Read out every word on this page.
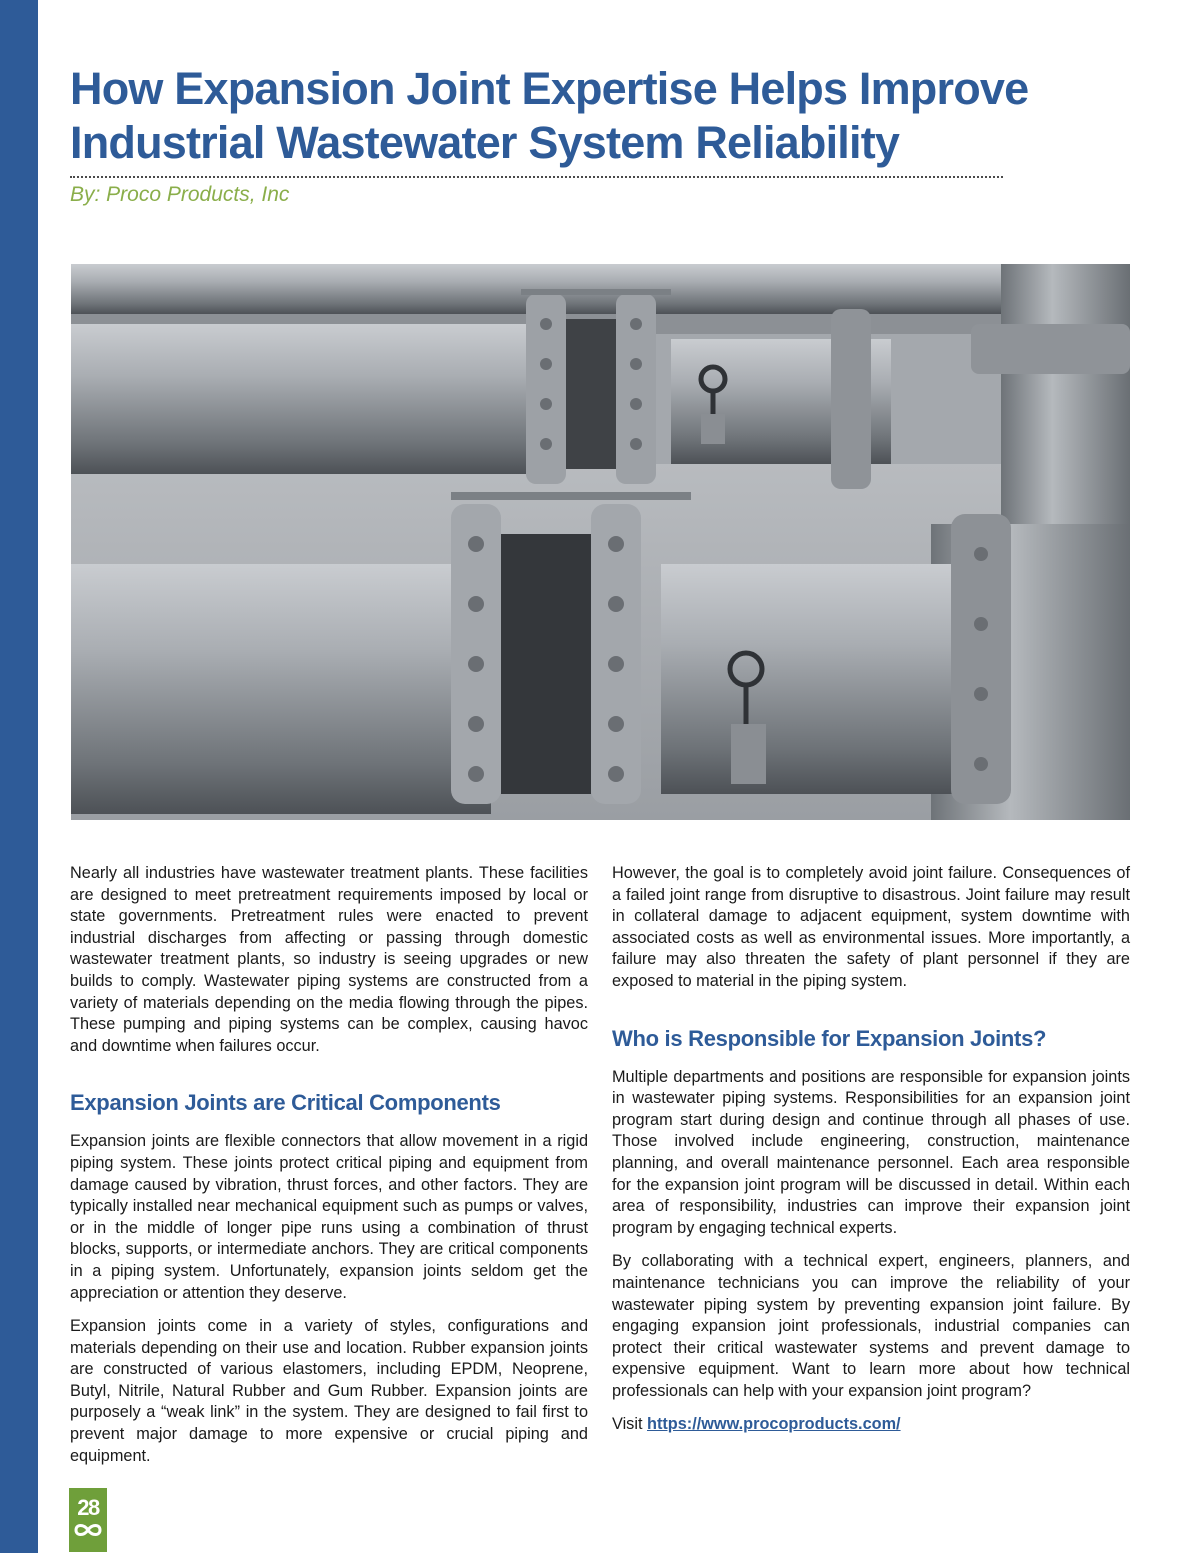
How Expansion Joint Expertise Helps Improve
Industrial Wastewater System Reliability
By: Proco Products, Inc

Nearly all industries have wastewater treatment plants. These facilities are designed to meet pretreatment requirements imposed by local or state governments. Pretreatment rules were enacted to prevent industrial discharges from affecting or passing through domestic wastewater treatment plants, so industry is seeing upgrades or new builds to comply. Wastewater piping systems are constructed from a variety of materials depending on the media flowing through the pipes. These pumping and piping systems can be complex, causing havoc and downtime when failures occur.

Expansion Joints are Critical Components

Expansion joints are flexible connectors that allow movement in a rigid piping system. These joints protect critical piping and equipment from damage caused by vibration, thrust forces, and other factors. They are typically installed near mechanical equipment such as pumps or valves, or in the middle of longer pipe runs using a combination of thrust blocks, supports, or intermediate anchors. They are critical components in a piping system. Unfortunately, expansion joints seldom get the appreciation or attention they deserve.

Expansion joints come in a variety of styles, configurations and materials depending on their use and location. Rubber expansion joints are constructed of various elastomers, including EPDM, Neoprene, Butyl, Nitrile, Natural Rubber and Gum Rubber. Expansion joints are purposely a “weak link” in the system. They are designed to fail first to prevent major damage to more expensive or crucial piping and equipment.

However, the goal is to completely avoid joint failure. Consequences of a failed joint range from disruptive to disastrous. Joint failure may result in collateral damage to adjacent equipment, system downtime with associated costs as well as environmental issues. More importantly, a failure may also threaten the safety of plant personnel if they are exposed to material in the piping system.

Who is Responsible for Expansion Joints?

Multiple departments and positions are responsible for expansion joints in wastewater piping systems. Responsibilities for an expansion joint program start during design and continue through all phases of use. Those involved include engineering, construction, maintenance planning, and overall maintenance personnel. Each area responsible for the expansion joint program will be discussed in detail. Within each area of responsibility, industries can improve their expansion joint program by engaging technical experts.

By collaborating with a technical expert, engineers, planners, and maintenance technicians you can improve the reliability of your wastewater piping system by preventing expansion joint failure. By engaging expansion joint professionals, industrial companies can protect their critical wastewater systems and prevent damage to expensive equipment. Want to learn more about how technical professionals can help with your expansion joint program?

Visit https://www.procoproducts.com/

28
